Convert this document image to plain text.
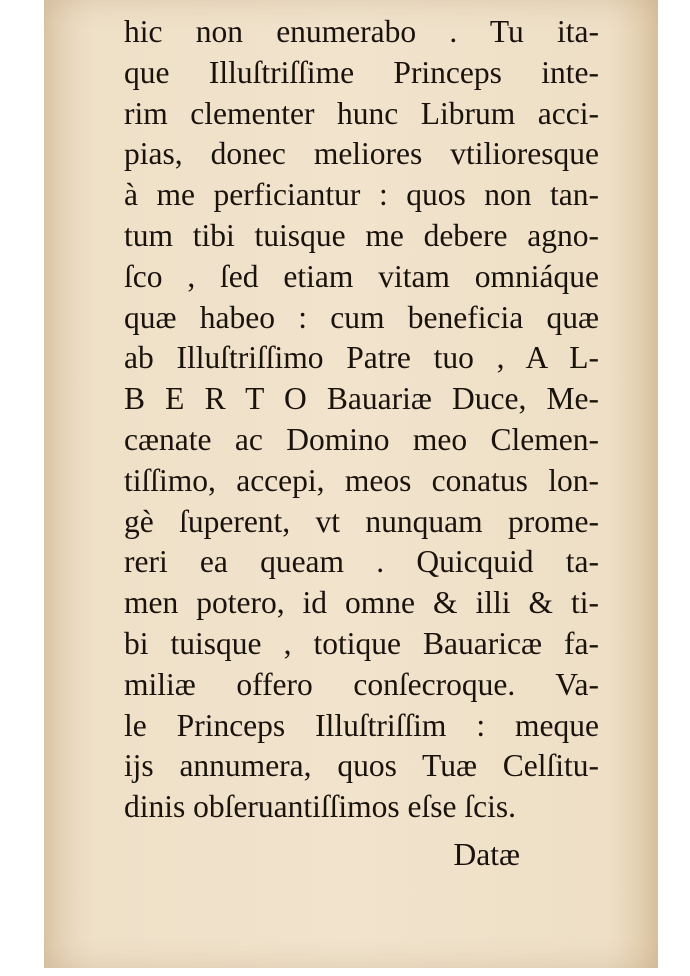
hic non enumerabo . Tu ita‑
que Illuſtriſſime Princeps inte‑
rim clementer hunc Librum acci‑
pias, donec meliores vtilioresque
à me perficiantur : quos non tan‑
tum tibi tuisque me debere agno‑
ſco , ſed etiam vitam omniáque
quæ habeo : cum beneficia quæ
ab Illuſtriſſimo Patre tuo , A L‑
B E R T O Bauariæ Duce, Me‑
cænate ac Domino meo Clemen‑
tiſſimo, accepi, meos conatus lon‑
gè ſuperent, vt nunquam prome‑
reri ea queam . Quicquid ta‑
men potero, id omne & illi & ti‑
bi tuisque , totique Bauaricæ fa‑
miliæ offero conſecroque. Va‑
le Princeps Illuſtriſſim : meque
ĳs annumera, quos Tuæ Celſitu‑
dinis obſeruantiſſimos eſse ſcis.
Datæ
